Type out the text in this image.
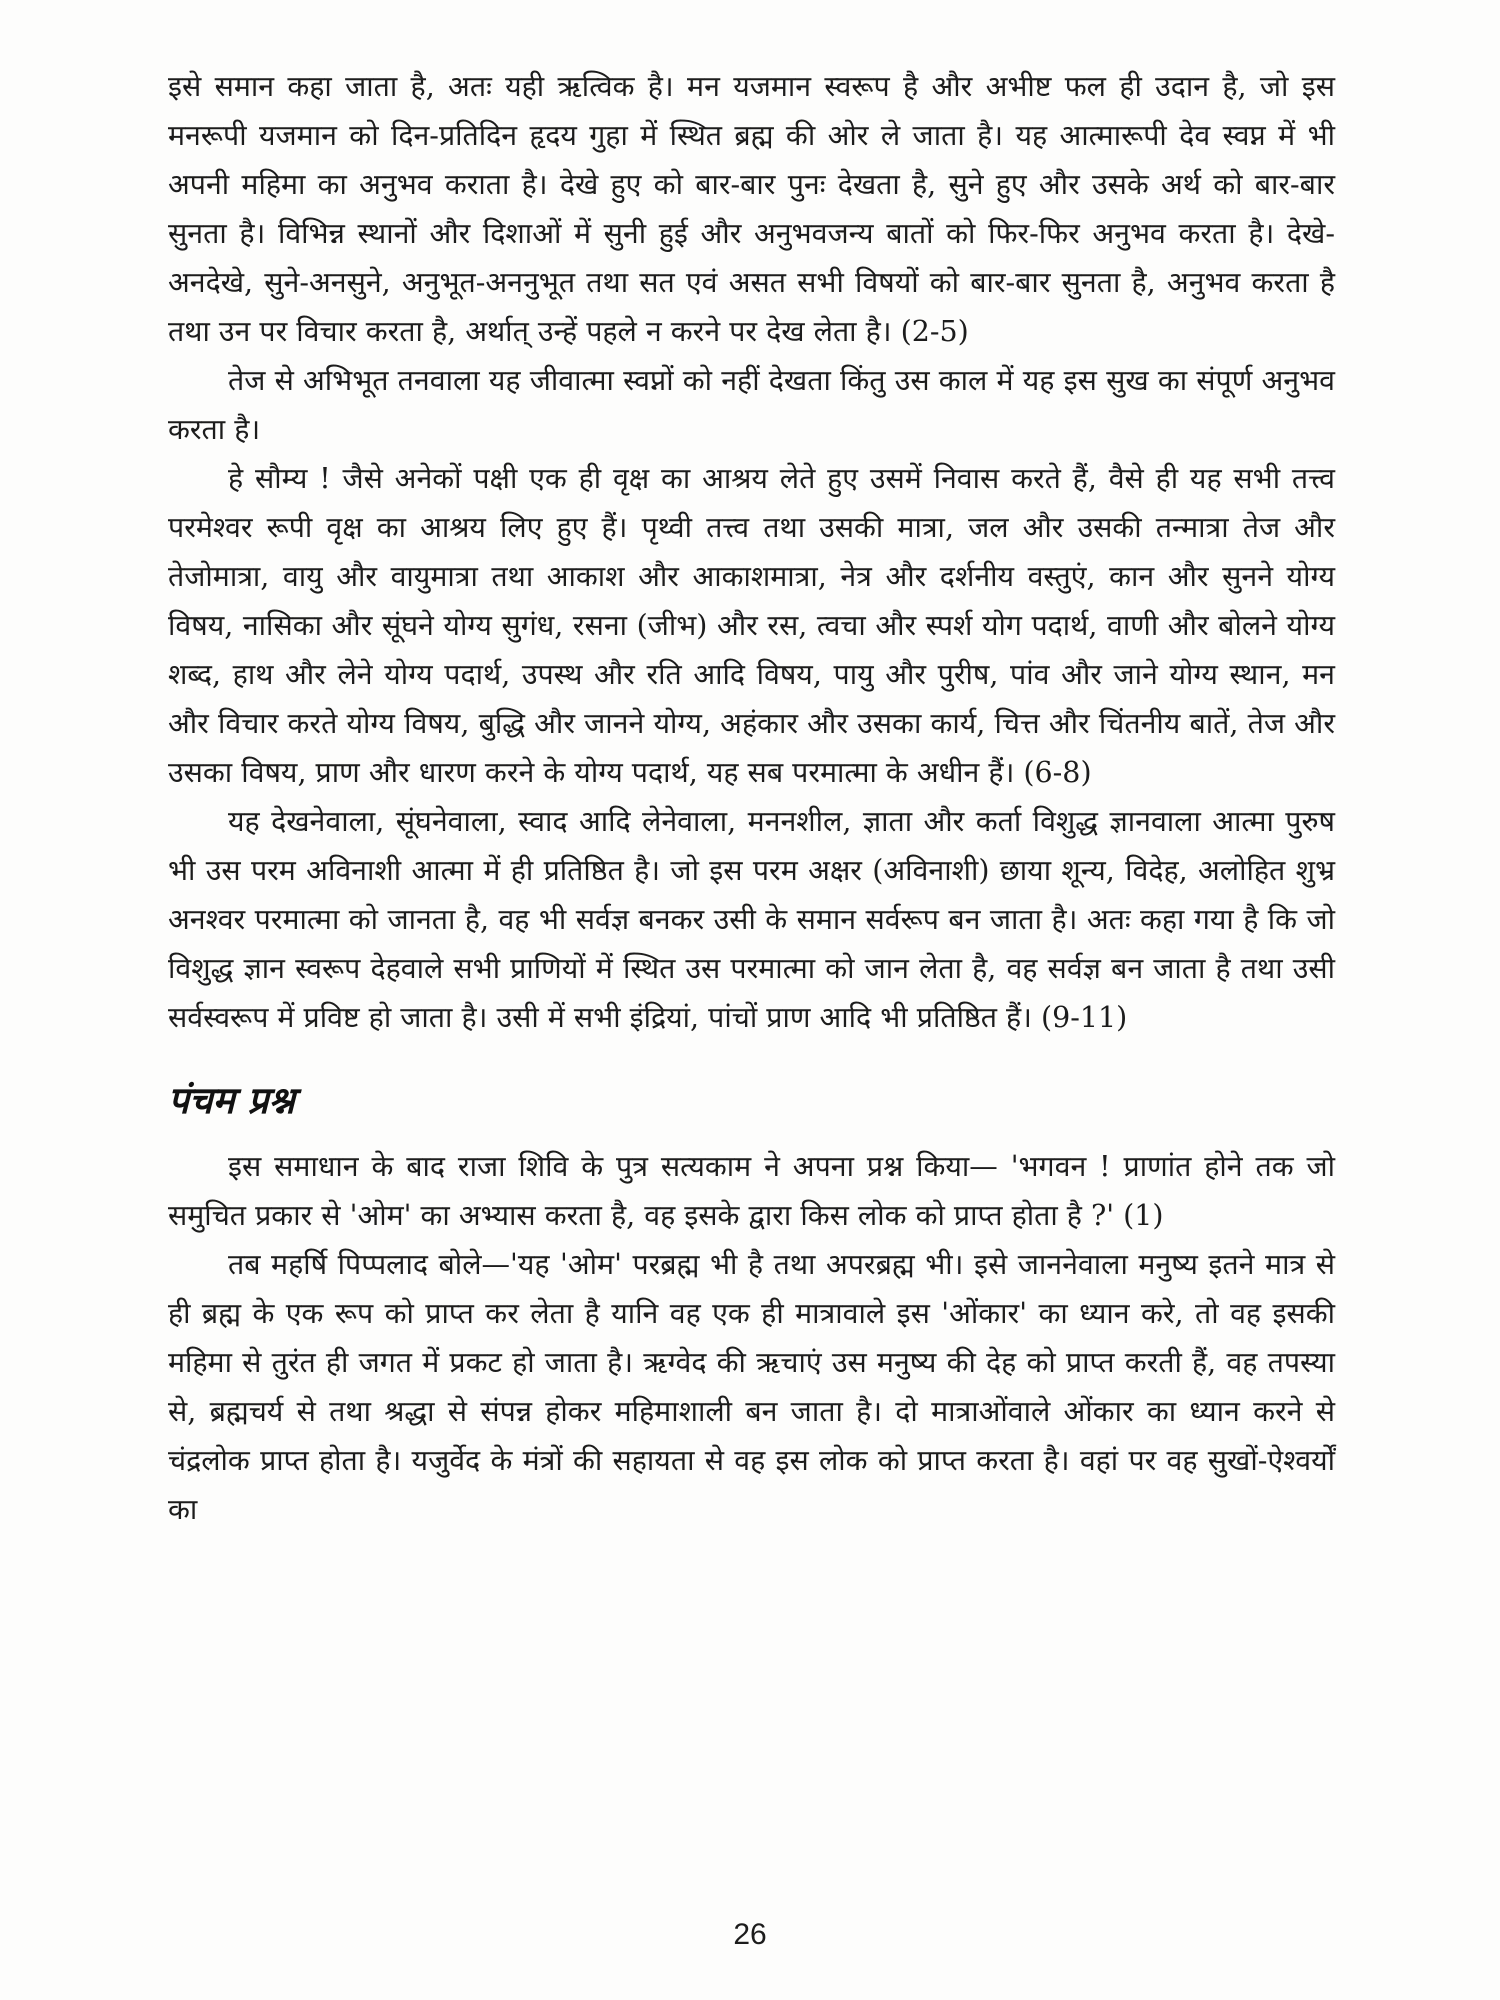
इसे समान कहा जाता है, अतः यही ऋत्विक है। मन यजमान स्वरूप है और अभीष्ट फल ही उदान है, जो इस मनरूपी यजमान को दिन-प्रतिदिन हृदय गुहा में स्थित ब्रह्म की ओर ले जाता है। यह आत्मारूपी देव स्वप्न में भी अपनी महिमा का अनुभव कराता है। देखे हुए को बार-बार पुनः देखता है, सुने हुए और उसके अर्थ को बार-बार सुनता है। विभिन्न स्थानों और दिशाओं में सुनी हुई और अनुभवजन्य बातों को फिर-फिर अनुभव करता है। देखे-अनदेखे, सुने-अनसुने, अनुभूत-अननुभूत तथा सत एवं असत सभी विषयों को बार-बार सुनता है, अनुभव करता है तथा उन पर विचार करता है, अर्थात् उन्हें पहले न करने पर देख लेता है। (2-5)

तेज से अभिभूत तनवाला यह जीवात्मा स्वप्नों को नहीं देखता किंतु उस काल में यह इस सुख का संपूर्ण अनुभव करता है।

हे सौम्य ! जैसे अनेकों पक्षी एक ही वृक्ष का आश्रय लेते हुए उसमें निवास करते हैं, वैसे ही यह सभी तत्त्व परमेश्वर रूपी वृक्ष का आश्रय लिए हुए हैं। पृथ्वी तत्त्व तथा उसकी मात्रा, जल और उसकी तन्मात्रा तेज और तेजोमात्रा, वायु और वायुमात्रा तथा आकाश और आकाशमात्रा, नेत्र और दर्शनीय वस्तुएं, कान और सुनने योग्य विषय, नासिका और सूंघने योग्य सुगंध, रसना (जीभ) और रस, त्वचा और स्पर्श योग पदार्थ, वाणी और बोलने योग्य शब्द, हाथ और लेने योग्य पदार्थ, उपस्थ और रति आदि विषय, पायु और पुरीष, पांव और जाने योग्य स्थान, मन और विचार करते योग्य विषय, बुद्धि और जानने योग्य, अहंकार और उसका कार्य, चित्त और चिंतनीय बातें, तेज और उसका विषय, प्राण और धारण करने के योग्य पदार्थ, यह सब परमात्मा के अधीन हैं। (6-8)

यह देखनेवाला, सूंघनेवाला, स्वाद आदि लेनेवाला, मननशील, ज्ञाता और कर्ता विशुद्ध ज्ञानवाला आत्मा पुरुष भी उस परम अविनाशी आत्मा में ही प्रतिष्ठित है। जो इस परम अक्षर (अविनाशी) छाया शून्य, विदेह, अलोहित शुभ्र अनश्वर परमात्मा को जानता है, वह भी सर्वज्ञ बनकर उसी के समान सर्वरूप बन जाता है। अतः कहा गया है कि जो विशुद्ध ज्ञान स्वरूप देहवाले सभी प्राणियों में स्थित उस परमात्मा को जान लेता है, वह सर्वज्ञ बन जाता है तथा उसी सर्वस्वरूप में प्रविष्ट हो जाता है। उसी में सभी इंद्रियां, पांचों प्राण आदि भी प्रतिष्ठित हैं। (9-11)

पंचम प्रश्न

इस समाधान के बाद राजा शिवि के पुत्र सत्यकाम ने अपना प्रश्न किया— 'भगवन ! प्राणांत होने तक जो समुचित प्रकार से 'ओम' का अभ्यास करता है, वह इसके द्वारा किस लोक को प्राप्त होता है ?' (1)

तब महर्षि पिप्पलाद बोले—'यह 'ओम' परब्रह्म भी है तथा अपरब्रह्म भी। इसे जाननेवाला मनुष्य इतने मात्र से ही ब्रह्म के एक रूप को प्राप्त कर लेता है यानि वह एक ही मात्रावाले इस 'ओंकार' का ध्यान करे, तो वह इसकी महिमा से तुरंत ही जगत में प्रकट हो जाता है। ऋग्वेद की ऋचाएं उस मनुष्य की देह को प्राप्त करती हैं, वह तपस्या से, ब्रह्मचर्य से तथा श्रद्धा से संपन्न होकर महिमाशाली बन जाता है। दो मात्राओंवाले ओंकार का ध्यान करने से चंद्रलोक प्राप्त होता है। यजुर्वेद के मंत्रों की सहायता से वह इस लोक को प्राप्त करता है। वहां पर वह सुखों-ऐश्वर्यों का

26
